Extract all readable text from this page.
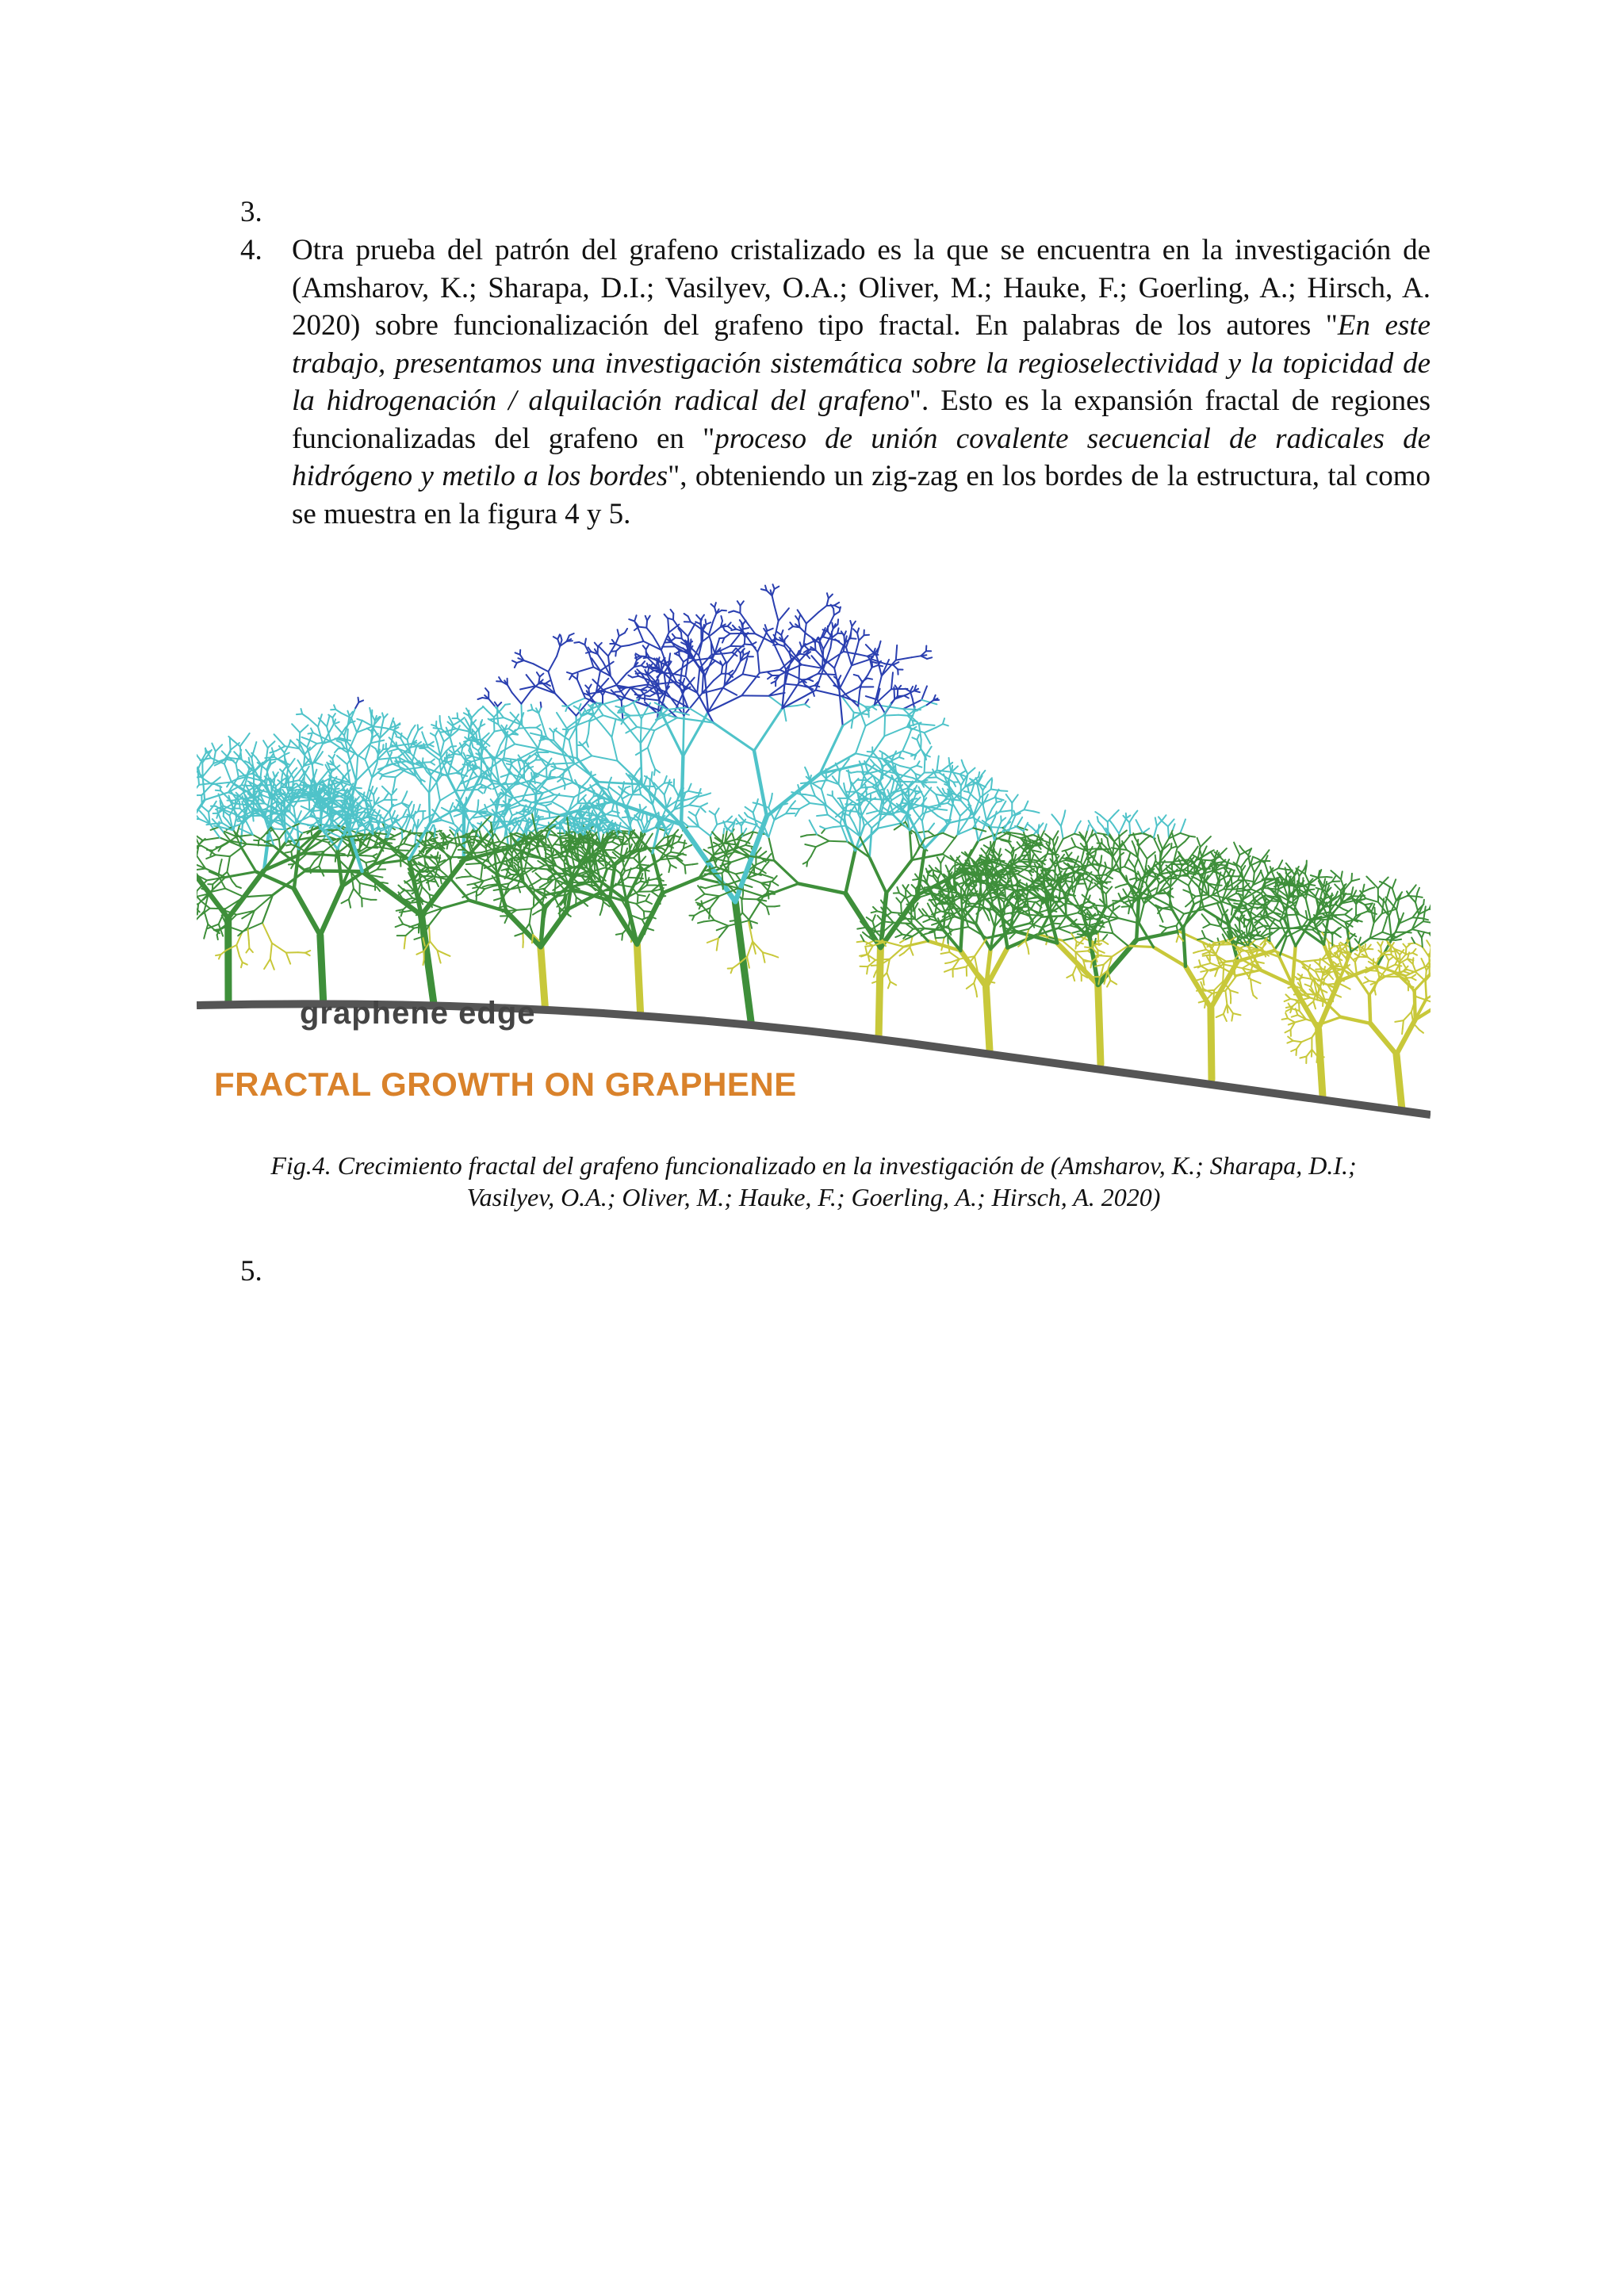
3.
4. Otra prueba del patrón del grafeno cristalizado es la que se encuentra en la investigación de (Amsharov, K.; Sharapa, D.I.; Vasilyev, O.A.; Oliver, M.; Hauke, F.; Goerling, A.; Hirsch, A. 2020) sobre funcionalización del grafeno tipo fractal. En palabras de los autores "En este trabajo, presentamos una investigación sistemática sobre la regioselectividad y la topicidad de la hidrogenación / alquilación radical del grafeno". Esto es la expansión fractal de regiones funcionalizadas del grafeno en "proceso de unión covalente secuencial de radicales de hidrógeno y metilo a los bordes", obteniendo un zig-zag en los bordes de la estructura, tal como se muestra en la figura 4 y 5.

graphene edge
FRACTAL GROWTH ON GRAPHENE
Fig.4. Crecimiento fractal del grafeno funcionalizado en la investigación de (Amsharov, K.; Sharapa, D.I.;
Vasilyev, O.A.; Oliver, M.; Hauke, F.; Goerling, A.; Hirsch, A. 2020)
5.
